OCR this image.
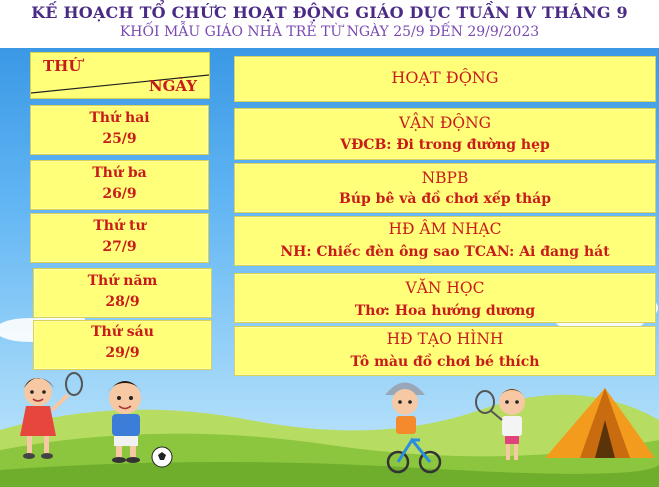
KẾ HOẠCH TỔ CHỨC HOẠT ĐỘNG GIÁO DỤC TUẦN IV THÁNG 9
KHỐI MẪU GIÁO NHÀ TRẺ TỪ NGÀY 25/9 ĐẾN 29/9/2023
THỨ
NGÀY	HOẠT ĐỘNG
Thứ hai
25/9
VẬN ĐỘNG
VĐCB: Đi trong đường hẹp
Thứ ba
26/9
NBPB
Búp bê và đồ chơi xếp tháp
Thứ tư
27/9
HĐ ÂM NHẠC
NH: Chiếc đèn ông sao TCAN: Ai đang hát
Thứ năm
28/9
VĂN HỌC
Thơ: Hoa hướng dương
Thứ sáu
29/9
HĐ TẠO HÌNH
Tô màu đồ chơi bé thích
